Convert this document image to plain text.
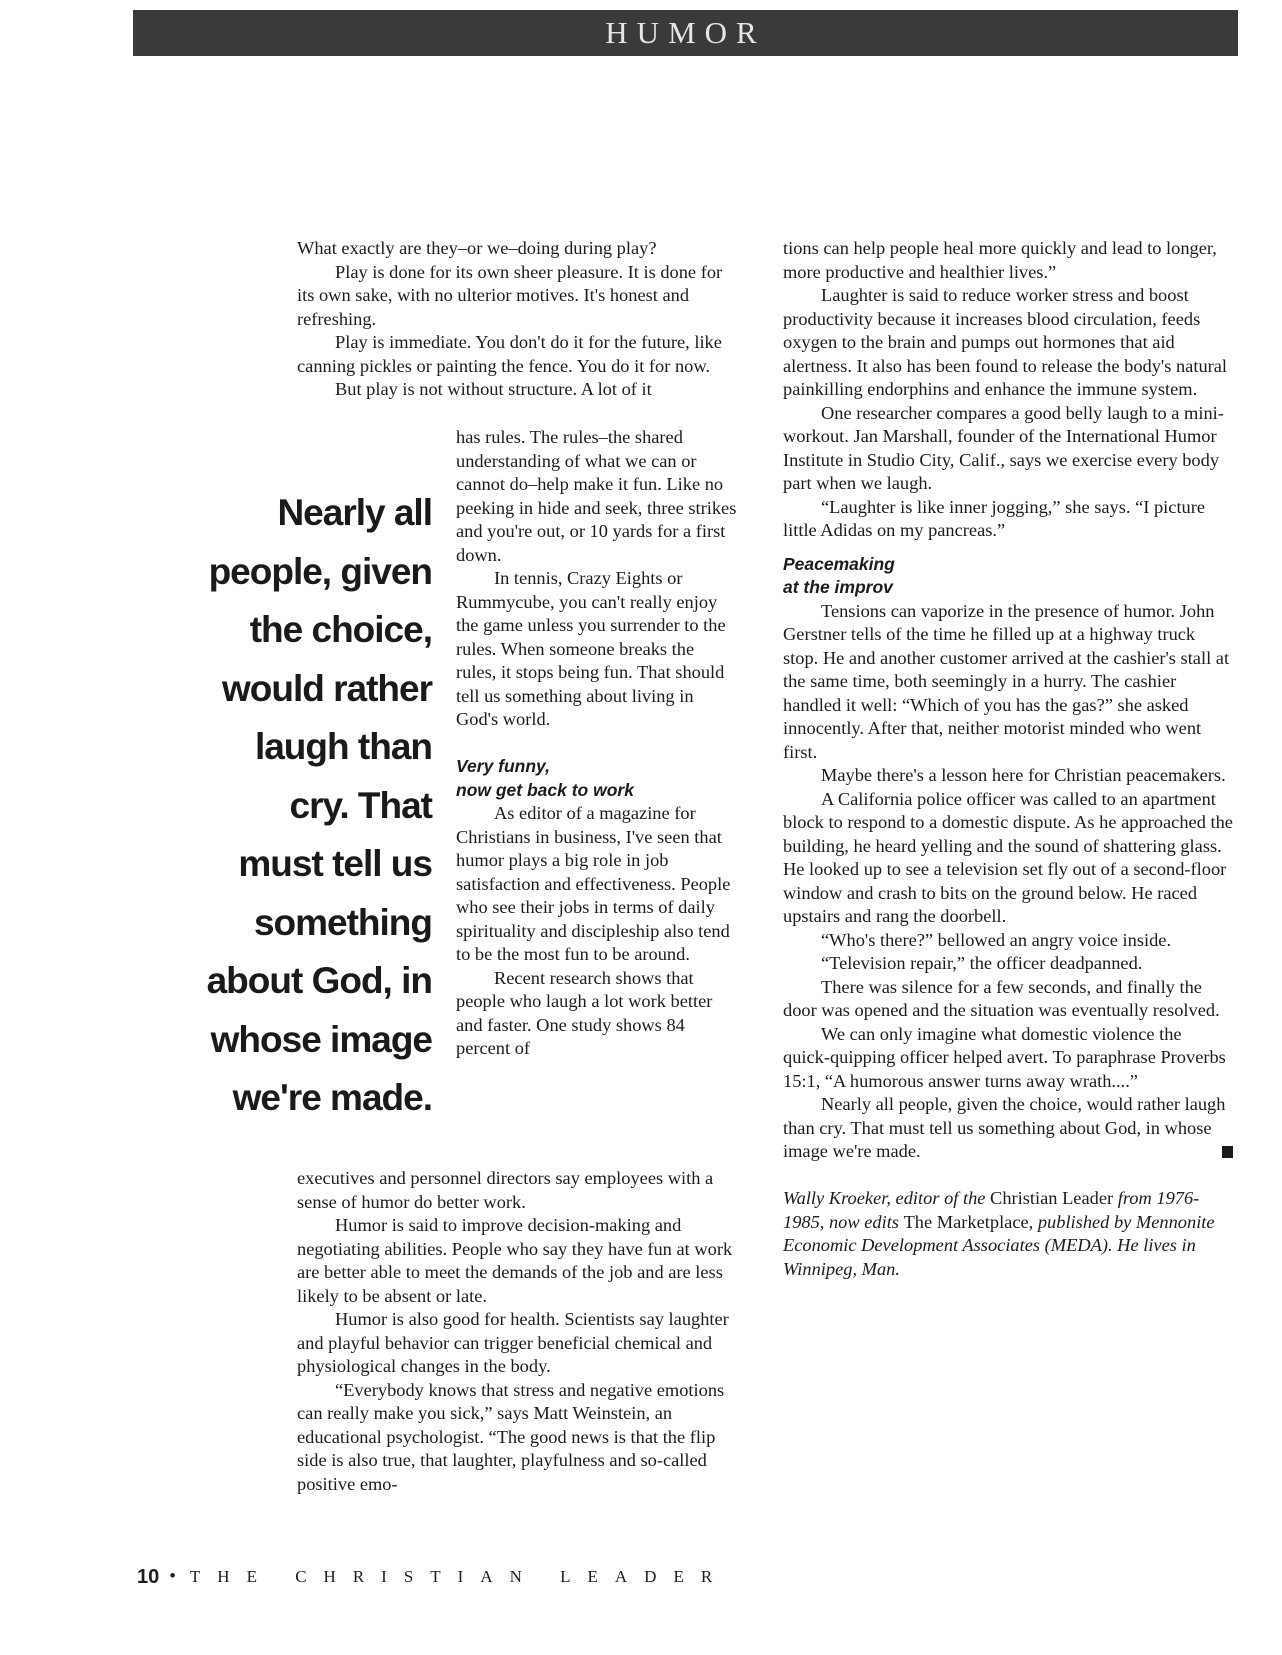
HUMOR

What exactly are they–or we–doing during play?

Play is done for its own sheer pleasure. It is done for its own sake, with no ulterior motives. It's honest and refreshing.

Play is immediate. You don't do it for the future, like canning pickles or painting the fence. You do it for now.

But play is not without structure. A lot of it

Nearly all people, given the choice, would rather laugh than cry. That must tell us something about God, in whose image we're made.

has rules. The rules–the shared understanding of what we can or cannot do–help make it fun. Like no peeking in hide and seek, three strikes and you're out, or 10 yards for a first down.

In tennis, Crazy Eights or Rummycube, you can't really enjoy the game unless you surrender to the rules. When someone breaks the rules, it stops being fun. That should tell us something about living in God's world.

Very funny,

now get back to work

As editor of a magazine for Christians in business, I've seen that humor plays a big role in job satisfaction and effectiveness. People who see their jobs in terms of daily spirituality and discipleship also tend to be the most fun to be around.

Recent research shows that people who laugh a lot work better and faster. One study shows 84 percent of

executives and personnel directors say employees with a sense of humor do better work.

Humor is said to improve decision-making and negotiating abilities. People who say they have fun at work are better able to meet the demands of the job and are less likely to be absent or late.

Humor is also good for health. Scientists say laughter and playful behavior can trigger beneficial chemical and physiological changes in the body.

“Everybody knows that stress and negative emotions can really make you sick,” says Matt Weinstein, an educational psychologist. “The good news is that the flip side is also true, that laughter, playfulness and so-called positive emo-

tions can help people heal more quickly and lead to longer, more productive and healthier lives.”

Laughter is said to reduce worker stress and boost productivity because it increases blood circulation, feeds oxygen to the brain and pumps out hormones that aid alertness. It also has been found to release the body's natural painkilling endorphins and enhance the immune system.

One researcher compares a good belly laugh to a mini-workout. Jan Marshall, founder of the International Humor Institute in Studio City, Calif., says we exercise every body part when we laugh.

“Laughter is like inner jogging,” she says. “I picture little Adidas on my pancreas.”

Peacemaking

at the improv

Tensions can vaporize in the presence of humor. John Gerstner tells of the time he filled up at a highway truck stop. He and another customer arrived at the cashier's stall at the same time, both seemingly in a hurry. The cashier handled it well: “Which of you has the gas?” she asked innocently. After that, neither motorist minded who went first.

Maybe there's a lesson here for Christian peacemakers.

A California police officer was called to an apartment block to respond to a domestic dispute. As he approached the building, he heard yelling and the sound of shattering glass. He looked up to see a television set fly out of a second-floor window and crash to bits on the ground below. He raced upstairs and rang the doorbell.

“Who's there?” bellowed an angry voice inside.

“Television repair,” the officer deadpanned.

There was silence for a few seconds, and finally the door was opened and the situation was eventually resolved.

We can only imagine what domestic violence the quick-quipping officer helped avert. To paraphrase Proverbs 15:1, “A humorous answer turns away wrath....”

Nearly all people, given the choice, would rather laugh than cry. That must tell us something about God, in whose image we're made.

Wally Kroeker, editor of the Christian Leader from 1976-1985, now edits The Marketplace, published by Mennonite Economic Development Associates (MEDA). He lives in Winnipeg, Man.

10 • THE CHRISTIAN LEADER
